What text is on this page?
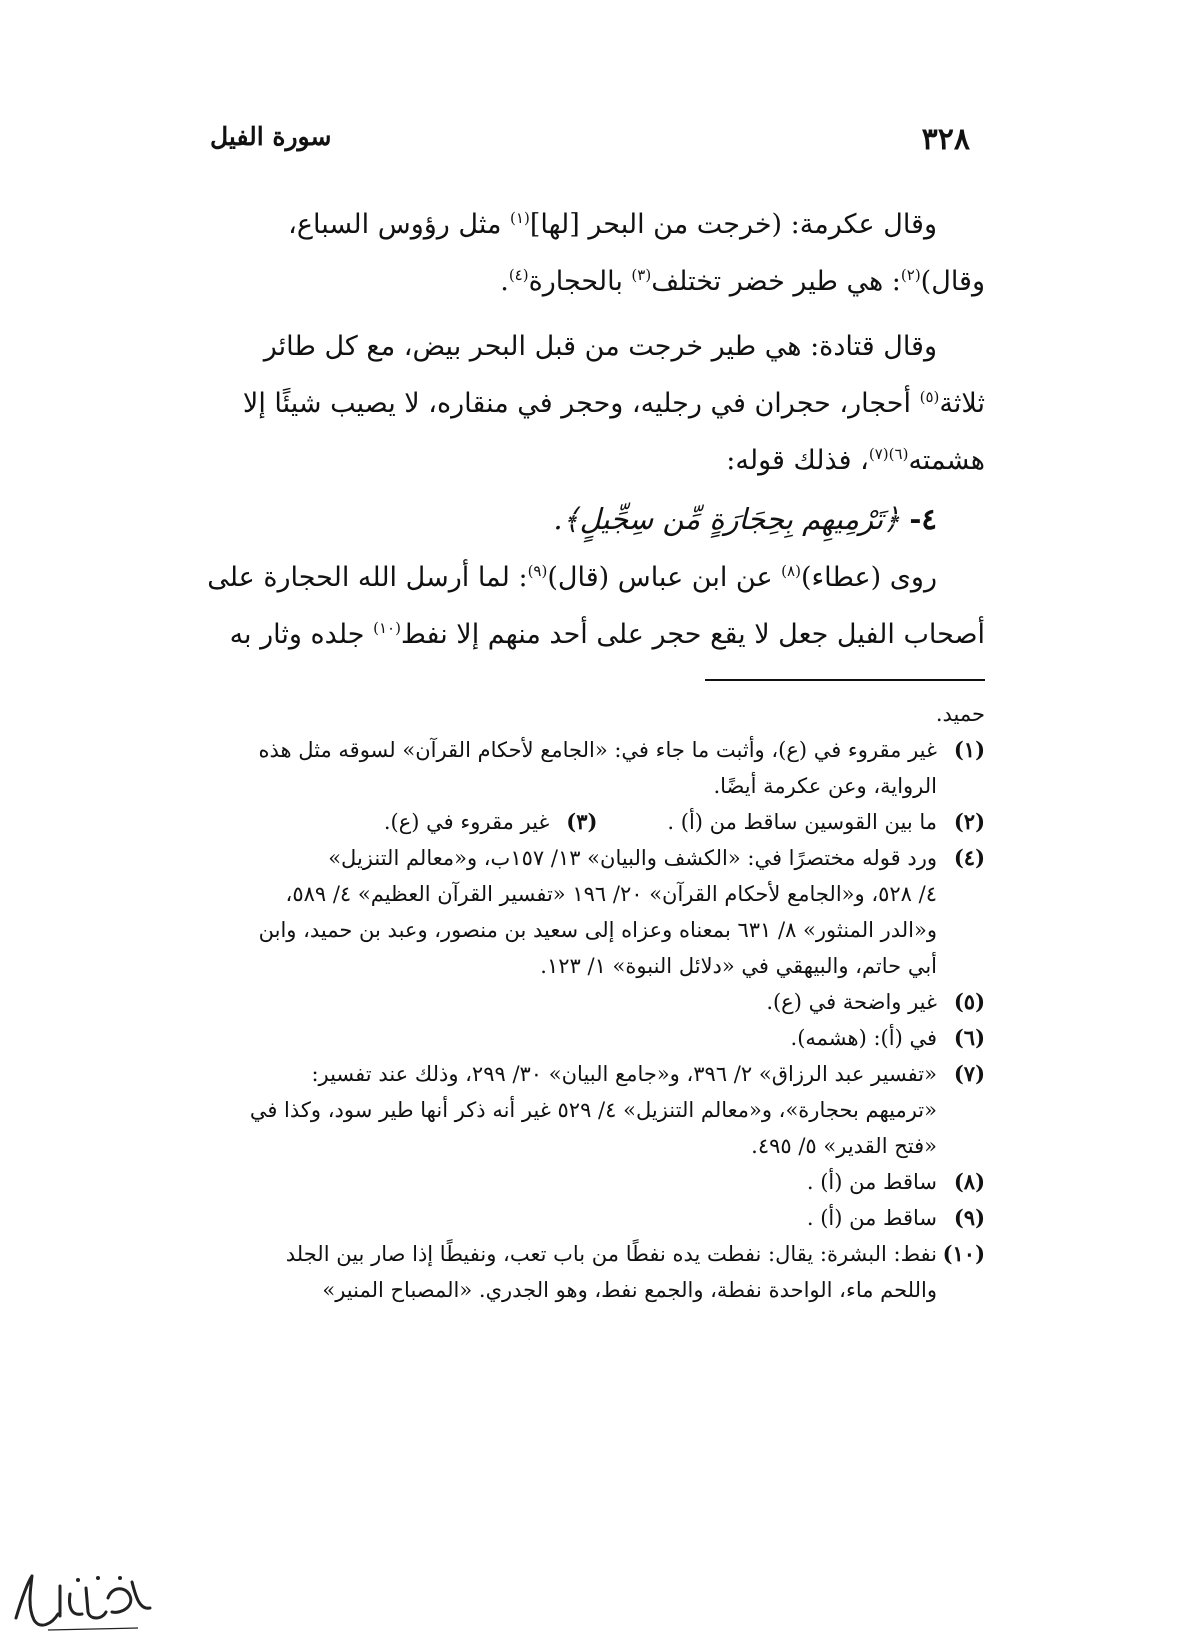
٣٢٨
سورة الفيل
وقال عكرمة: (خرجت من البحر [لها]$^{(١)}$ مثل رؤوس السباع،
وقال)$^{(٢)}$: هي طير خضر تختلف$^{(٣)}$ بالحجارة$^{(٤)}$.
وقال قتادة: هي طير خرجت من قبل البحر بيض، مع كل طائر
ثلاثة$^{(٥)}$ أحجار، حجران في رجليه، وحجر في منقاره، لا يصيب شيئًا إلا
هشمته$^{(٦)(٧)}$، فذلك قوله:
٤- ﴿تَرْمِيهِم بِحِجَارَةٍ مِّن سِجِّيلٍ﴾.
روى (عطاء)$^{(٨)}$ عن ابن عباس (قال)$^{(٩)}$: لما أرسل الله الحجارة على
أصحاب الفيل جعل لا يقع حجر على أحد منهم إلا نفط$^{(١٠)}$ جلده وثار به
حميد.
(١)غير مقروء في (ع)، وأثبت ما جاء في: «الجامع لأحكام القرآن» لسوقه مثل هذه
الرواية، وعن عكرمة أيضًا.
(٢)ما بين القوسين ساقط من (أ) .(٣)غير مقروء في (ع).
(٤)ورد قوله مختصرًا في: «الكشف والبيان» ١٣/ ١٥٧ب، و«معالم التنزيل»
٤/ ٥٢٨، و«الجامع لأحكام القرآن» ٢٠/ ١٩٦ «تفسير القرآن العظيم» ٤/ ٥٨٩،
و«الدر المنثور» ٨/ ٦٣١ بمعناه وعزاه إلى سعيد بن منصور، وعبد بن حميد، وابن
أبي حاتم، والبيهقي في «دلائل النبوة» ١/ ١٢٣.
(٥)غير واضحة في (ع).
(٦)في (أ): (هشمه).
(٧)«تفسير عبد الرزاق» ٢/ ٣٩٦، و«جامع البيان» ٣٠/ ٢٩٩، وذلك عند تفسير:
«ترميهم بحجارة»، و«معالم التنزيل» ٤/ ٥٢٩ غير أنه ذكر أنها طير سود، وكذا في
«فتح القدير» ٥/ ٤٩٥.
(٨)ساقط من (أ) .
(٩)ساقط من (أ) .
(١٠)نفط: البشرة: يقال: نفطت يده نفطًا من باب تعب، ونفيطًا إذا صار بين الجلد
واللحم ماء، الواحدة نفطة، والجمع نفط، وهو الجدري. «المصباح المنير»
